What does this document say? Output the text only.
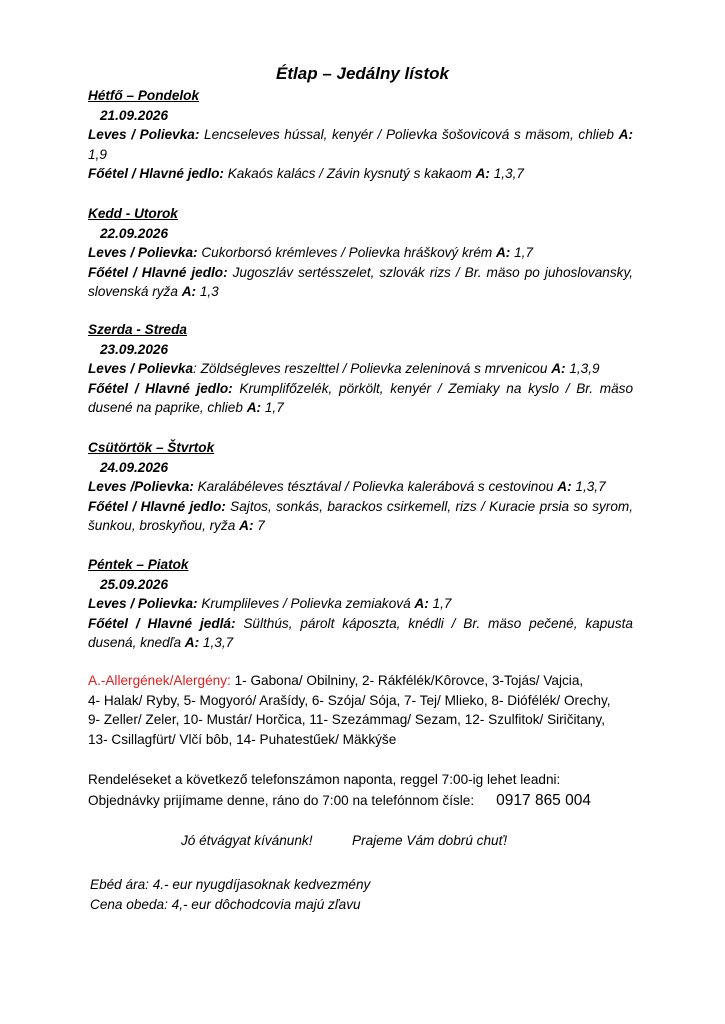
Étlap – Jedálny lístok
Hétfő – Pondelok
21.09.2026
Leves / Polievka: Lencseleves hússal, kenyér / Polievka šošovicová s mäsom, chlieb A: 1,9
Főétel / Hlavné jedlo: Kakaós kalács / Závin kysnutý s kakaom A: 1,3,7
Kedd - Utorok
22.09.2026
Leves / Polievka: Cukorborsó krémleves / Polievka hráškový krém A: 1,7
Főétel / Hlavné jedlo: Jugoszláv sertésszelet, szlovák rizs / Br. mäso po juhoslovansky, slovenská ryža A: 1,3
Szerda - Streda
23.09.2026
Leves / Polievka: Zöldségleves reszelttel / Polievka zeleninová s mrvenicou A: 1,3,9
Főétel / Hlavné jedlo: Krumplifőzelék, pörkölt, kenyér / Zemiaky na kyslo / Br. mäso dusené na paprike, chlieb A: 1,7
Csütörtök – Štvrtok
24.09.2026
Leves /Polievka: Karalábéleves tésztával / Polievka kalerábová s cestovinou A: 1,3,7
Főétel / Hlavné jedlo: Sajtos, sonkás, barackos csirkemell, rizs / Kuracie prsia so syrom, šunkou, broskyňou, ryža A: 7
Péntek – Piatok
25.09.2026
Leves / Polievka: Krumplileves / Polievka zemiaková A: 1,7
Főétel / Hlavné jedlá: Sülthús, párolt káposzta, knédli / Br. mäso pečené, kapusta dusená, knedľa A: 1,3,7
A.-Allergének/Alergény: 1- Gabona/ Obilniny, 2- Rákfélék/Kôrovce, 3-Tojás/ Vajcia,
4- Halak/ Ryby, 5- Mogyoró/ Arašídy, 6- Szója/ Sója, 7- Tej/ Mlieko, 8- Diófélék/ Orechy,
9- Zeller/ Zeler, 10- Mustár/ Horčica, 11- Szezámmag/ Sezam, 12- Szulfitok/ Siričitany,
13- Csillagfürt/ Vlčí bôb, 14- Puhatestűek/ Mäkkýše
Rendeléseket a következő telefonszámon naponta, reggel 7:00-ig lehet leadni:
Objednávky prijímame denne, ráno do 7:00 na telefónnom čísle: 0917 865 004
Jó étvágyat kívánunk!	Prajeme Vám dobrú chuť!
Ebéd ára: 4.- eur nyugdíjasoknak kedvezmény
Cena obeda: 4,- eur dôchodcovia majú zľavu
